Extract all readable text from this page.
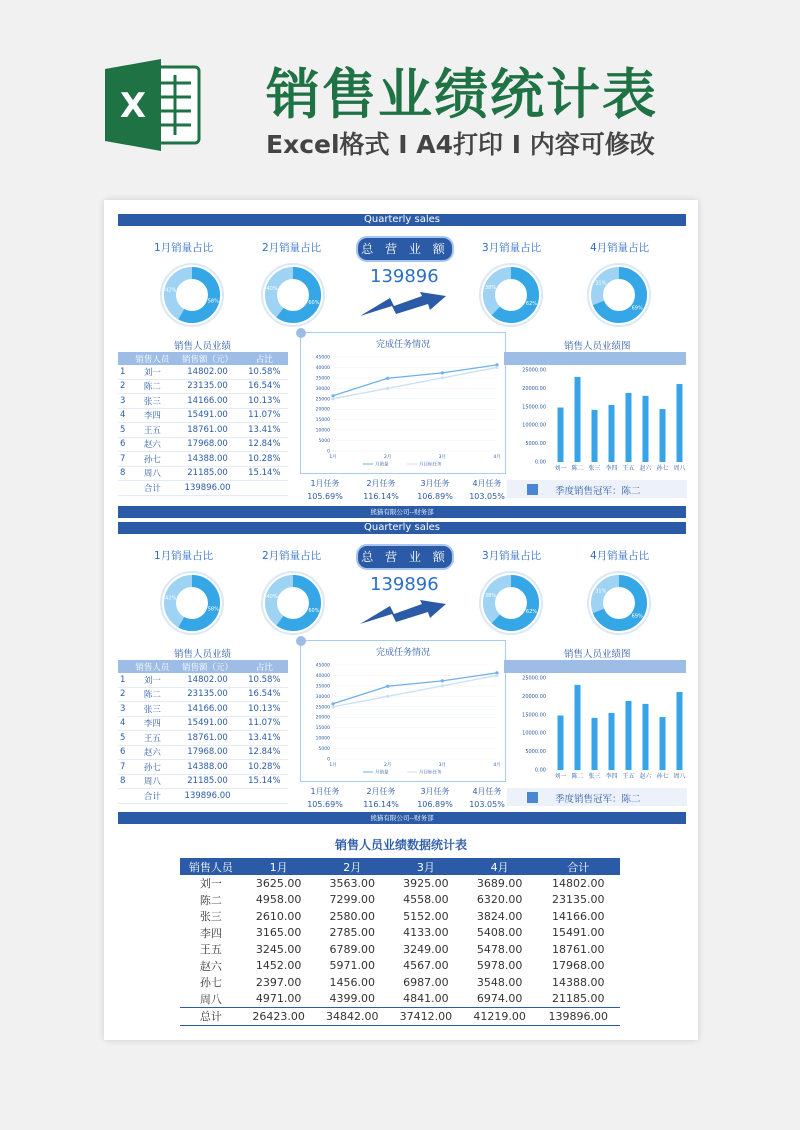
X 销售业绩统计表
Excel格式 I A4打印 I 内容可修改
Quarterly sales
1月销量占比	2月销量占比	3月销量占比	4月销量占比
58%
42%
60%
40%
62%
38%
69%
31%
总 营 业 额
139896
销售人员业绩
	销售人员	销售额（元）	占比
1	刘一	14802.00	10.58%
2	陈二	23135.00	16.54%
3	张三	14166.00	10.13%
4	李四	15491.00	11.07%
5	王五	18761.00	13.41%
6	赵六	17968.00	12.84%
7	孙七	14388.00	10.28%
8	周八	21185.00	15.14%
	合计	139896.00	
完成任务情况
0
5000
10000
15000
20000
25000
30000
35000
40000
45000
1月	2月	3月	4月
月销量	月目标任务
1月任务	2月任务	3月任务	4月任务
105.69%	116.14%	106.89%	103.05%
销售人员业绩图
0.00
5000.00
10000.00
15000.00
20000.00
25000.00
刘一 陈二 张三 李四 王五 赵六 孙七 周八
季度销售冠军：陈二
Quarterly sales
1月销量占比	2月销量占比	3月销量占比	4月销量占比
58%
42%
60%
40%
62%
38%
69%
31%
总 营 业 额
139896
销售人员业绩
	销售人员	销售额（元）	占比
1	刘一	14802.00	10.58%
2	陈二	23135.00	16.54%
3	张三	14166.00	10.13%
4	李四	15491.00	11.07%
5	王五	18761.00	13.41%
6	赵六	17968.00	12.84%
7	孙七	14388.00	10.28%
8	周八	21185.00	15.14%
	合计	139896.00	
完成任务情况
0
5000
10000
15000
20000
25000
30000
35000
40000
45000
1月	2月	3月	4月
月销量	月目标任务
1月任务	2月任务	3月任务	4月任务
105.69%	116.14%	106.89%	103.05%
销售人员业绩图
0.00
5000.00
10000.00
15000.00
20000.00
25000.00
刘一 陈二 张三 李四 王五 赵六 孙七 周八
季度销售冠军：陈二
熊猫有限公司--财务部
熊猫有限公司--财务部
销售人员业绩数据统计表
销售人员	1月	2月	3月	4月	合计
刘一	3625.00	3563.00	3925.00	3689.00	14802.00
陈二	4958.00	7299.00	4558.00	6320.00	23135.00
张三	2610.00	2580.00	5152.00	3824.00	14166.00
李四	3165.00	2785.00	4133.00	5408.00	15491.00
王五	3245.00	6789.00	3249.00	5478.00	18761.00
赵六	1452.00	5971.00	4567.00	5978.00	17968.00
孙七	2397.00	1456.00	6987.00	3548.00	14388.00
周八	4971.00	4399.00	4841.00	6974.00	21185.00
总计	26423.00	34842.00	37412.00	41219.00	139896.00
